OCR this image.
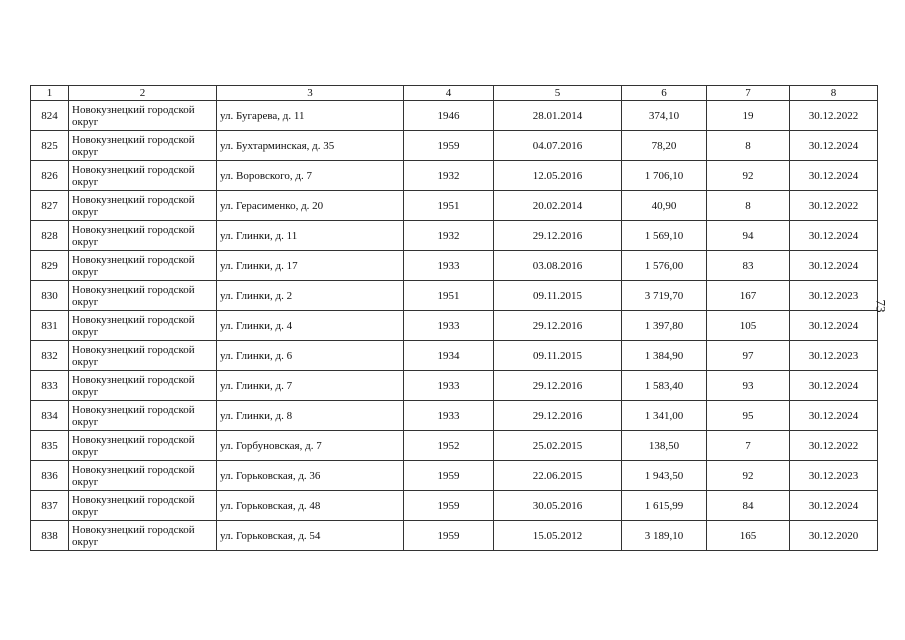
1	2	3	4	5	6	7	8
824	Новокузнецкий городской округ	ул. Бугарева, д. 11	1946	28.01.2014	374,10	19	30.12.2022
825	Новокузнецкий городской округ	ул. Бухтарминская, д. 35	1959	04.07.2016	78,20	8	30.12.2024
826	Новокузнецкий городской округ	ул. Воровского, д. 7	1932	12.05.2016	1 706,10	92	30.12.2024
827	Новокузнецкий городской округ	ул. Герасименко, д. 20	1951	20.02.2014	40,90	8	30.12.2022
828	Новокузнецкий городской округ	ул. Глинки, д. 11	1932	29.12.2016	1 569,10	94	30.12.2024
829	Новокузнецкий городской округ	ул. Глинки, д. 17	1933	03.08.2016	1 576,00	83	30.12.2024
830	Новокузнецкий городской округ	ул. Глинки, д. 2	1951	09.11.2015	3 719,70	167	30.12.2023
831	Новокузнецкий городской округ	ул. Глинки, д. 4	1933	29.12.2016	1 397,80	105	30.12.2024
832	Новокузнецкий городской округ	ул. Глинки, д. 6	1934	09.11.2015	1 384,90	97	30.12.2023
833	Новокузнецкий городской округ	ул. Глинки, д. 7	1933	29.12.2016	1 583,40	93	30.12.2024
834	Новокузнецкий городской округ	ул. Глинки, д. 8	1933	29.12.2016	1 341,00	95	30.12.2024
835	Новокузнецкий городской округ	ул. Горбуновская, д. 7	1952	25.02.2015	138,50	7	30.12.2022
836	Новокузнецкий городской округ	ул. Горьковская, д. 36	1959	22.06.2015	1 943,50	92	30.12.2023
837	Новокузнецкий городской округ	ул. Горьковская, д. 48	1959	30.05.2016	1 615,99	84	30.12.2024
838	Новокузнецкий городской округ	ул. Горьковская, д. 54	1959	15.05.2012	3 189,10	165	30.12.2020
73
